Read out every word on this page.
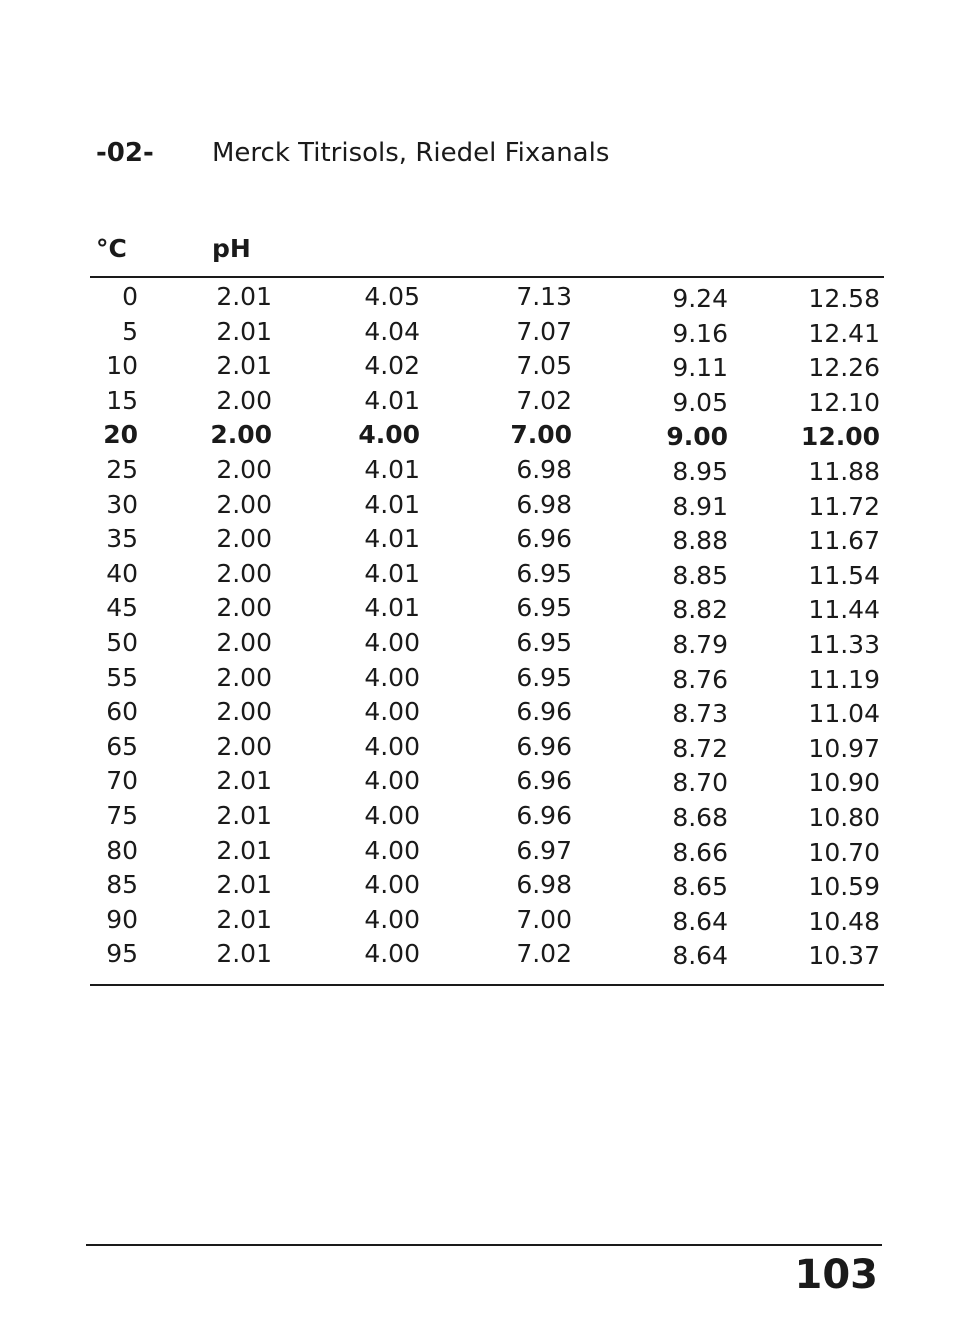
-02- Merck Titrisols, Riedel Fixanals
°C	pH
0	2.01	4.05	7.13	9.24	12.58
5	2.01	4.04	7.07	9.16	12.41
10	2.01	4.02	7.05	9.11	12.26
15	2.00	4.01	7.02	9.05	12.10
20	2.00	4.00	7.00	9.00	12.00
25	2.00	4.01	6.98	8.95	11.88
30	2.00	4.01	6.98	8.91	11.72
35	2.00	4.01	6.96	8.88	11.67
40	2.00	4.01	6.95	8.85	11.54
45	2.00	4.01	6.95	8.82	11.44
50	2.00	4.00	6.95	8.79	11.33
55	2.00	4.00	6.95	8.76	11.19
60	2.00	4.00	6.96	8.73	11.04
65	2.00	4.00	6.96	8.72	10.97
70	2.01	4.00	6.96	8.70	10.90
75	2.01	4.00	6.96	8.68	10.80
80	2.01	4.00	6.97	8.66	10.70
85	2.01	4.00	6.98	8.65	10.59
90	2.01	4.00	7.00	8.64	10.48
95	2.01	4.00	7.02	8.64	10.37
103
